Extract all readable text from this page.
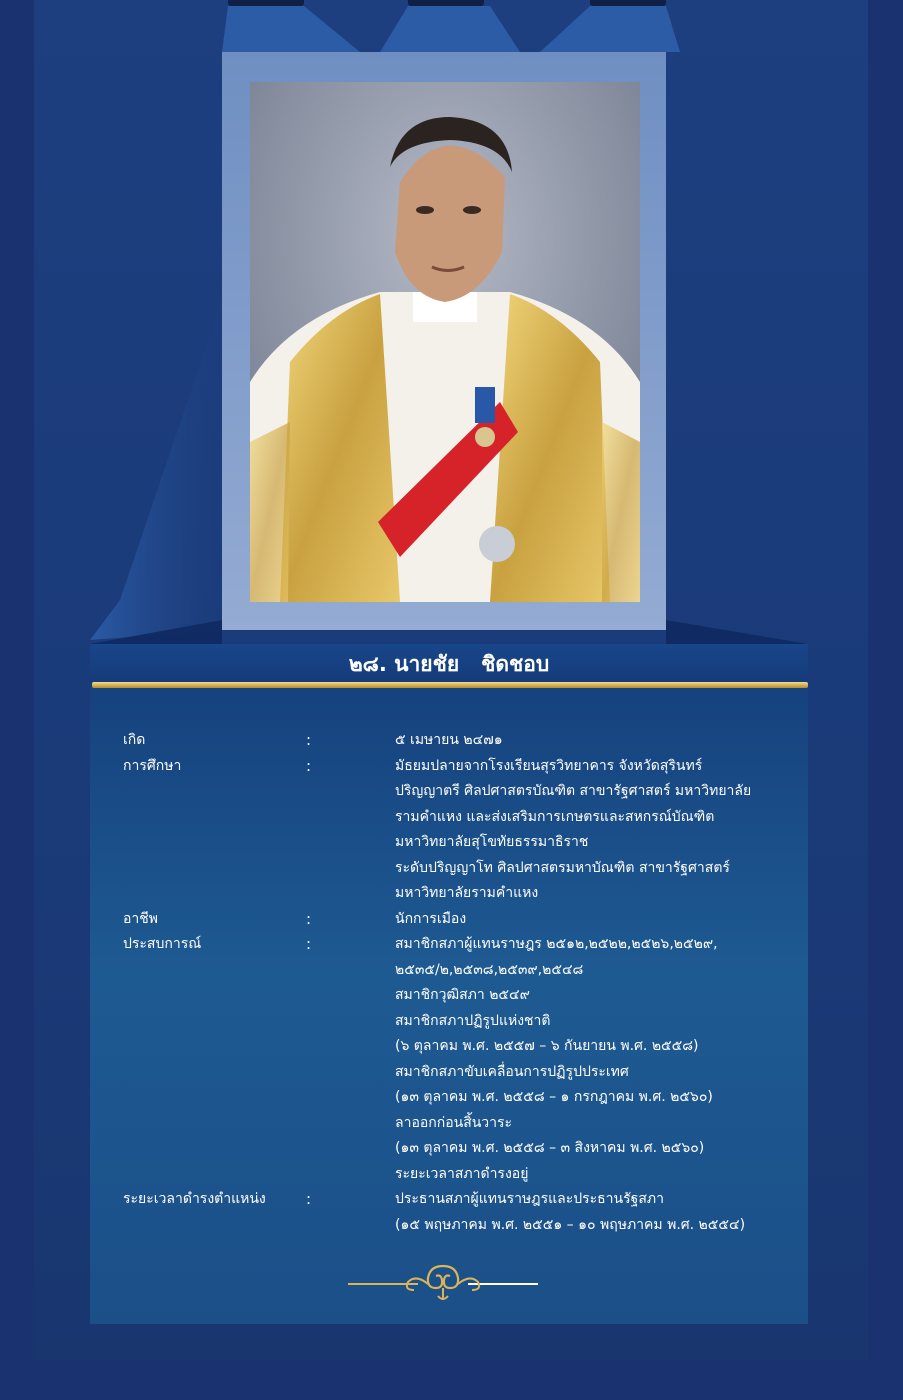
๒๘. นายชัย   ชิดชอบ
เกิด	:	๕ เมษายน ๒๔๗๑
การศึกษา	:	มัธยมปลายจากโรงเรียนสุรวิทยาคาร จังหวัดสุรินทร์
ปริญญาตรี ศิลปศาสตรบัณฑิต สาขารัฐศาสตร์ มหาวิทยาลัย
รามคำแหง และส่งเสริมการเกษตรและสหกรณ์บัณฑิต
มหาวิทยาลัยสุโขทัยธรรมาธิราช
ระดับปริญญาโท ศิลปศาสตรมหาบัณฑิต สาขารัฐศาสตร์
มหาวิทยาลัยรามคำแหง
อาชีพ	:	นักการเมือง
ประสบการณ์	:	สมาชิกสภาผู้แทนราษฎร ๒๕๑๒,๒๕๒๒,๒๕๒๖,๒๕๒๙,
๒๕๓๕/๒,๒๕๓๘,๒๕๓๙,๒๕๔๘
สมาชิกวุฒิสภา ๒๕๔๙
สมาชิกสภาปฏิรูปแห่งชาติ
(๖ ตุลาคม พ.ศ. ๒๕๕๗ – ๖ กันยายน พ.ศ. ๒๕๕๘)
สมาชิกสภาขับเคลื่อนการปฏิรูปประเทศ
(๑๓ ตุลาคม พ.ศ. ๒๕๕๘ – ๑ กรกฎาคม พ.ศ. ๒๕๖๐)
ลาออกก่อนสิ้นวาระ
(๑๓ ตุลาคม พ.ศ. ๒๕๕๘ – ๓ สิงหาคม พ.ศ. ๒๕๖๐)
ระยะเวลาสภาดำรงอยู่
ระยะเวลาดำรงตำแหน่ง	:	ประธานสภาผู้แทนราษฎรและประธานรัฐสภา
(๑๕ พฤษภาคม พ.ศ. ๒๕๕๑ – ๑๐ พฤษภาคม พ.ศ. ๒๕๕๔)
